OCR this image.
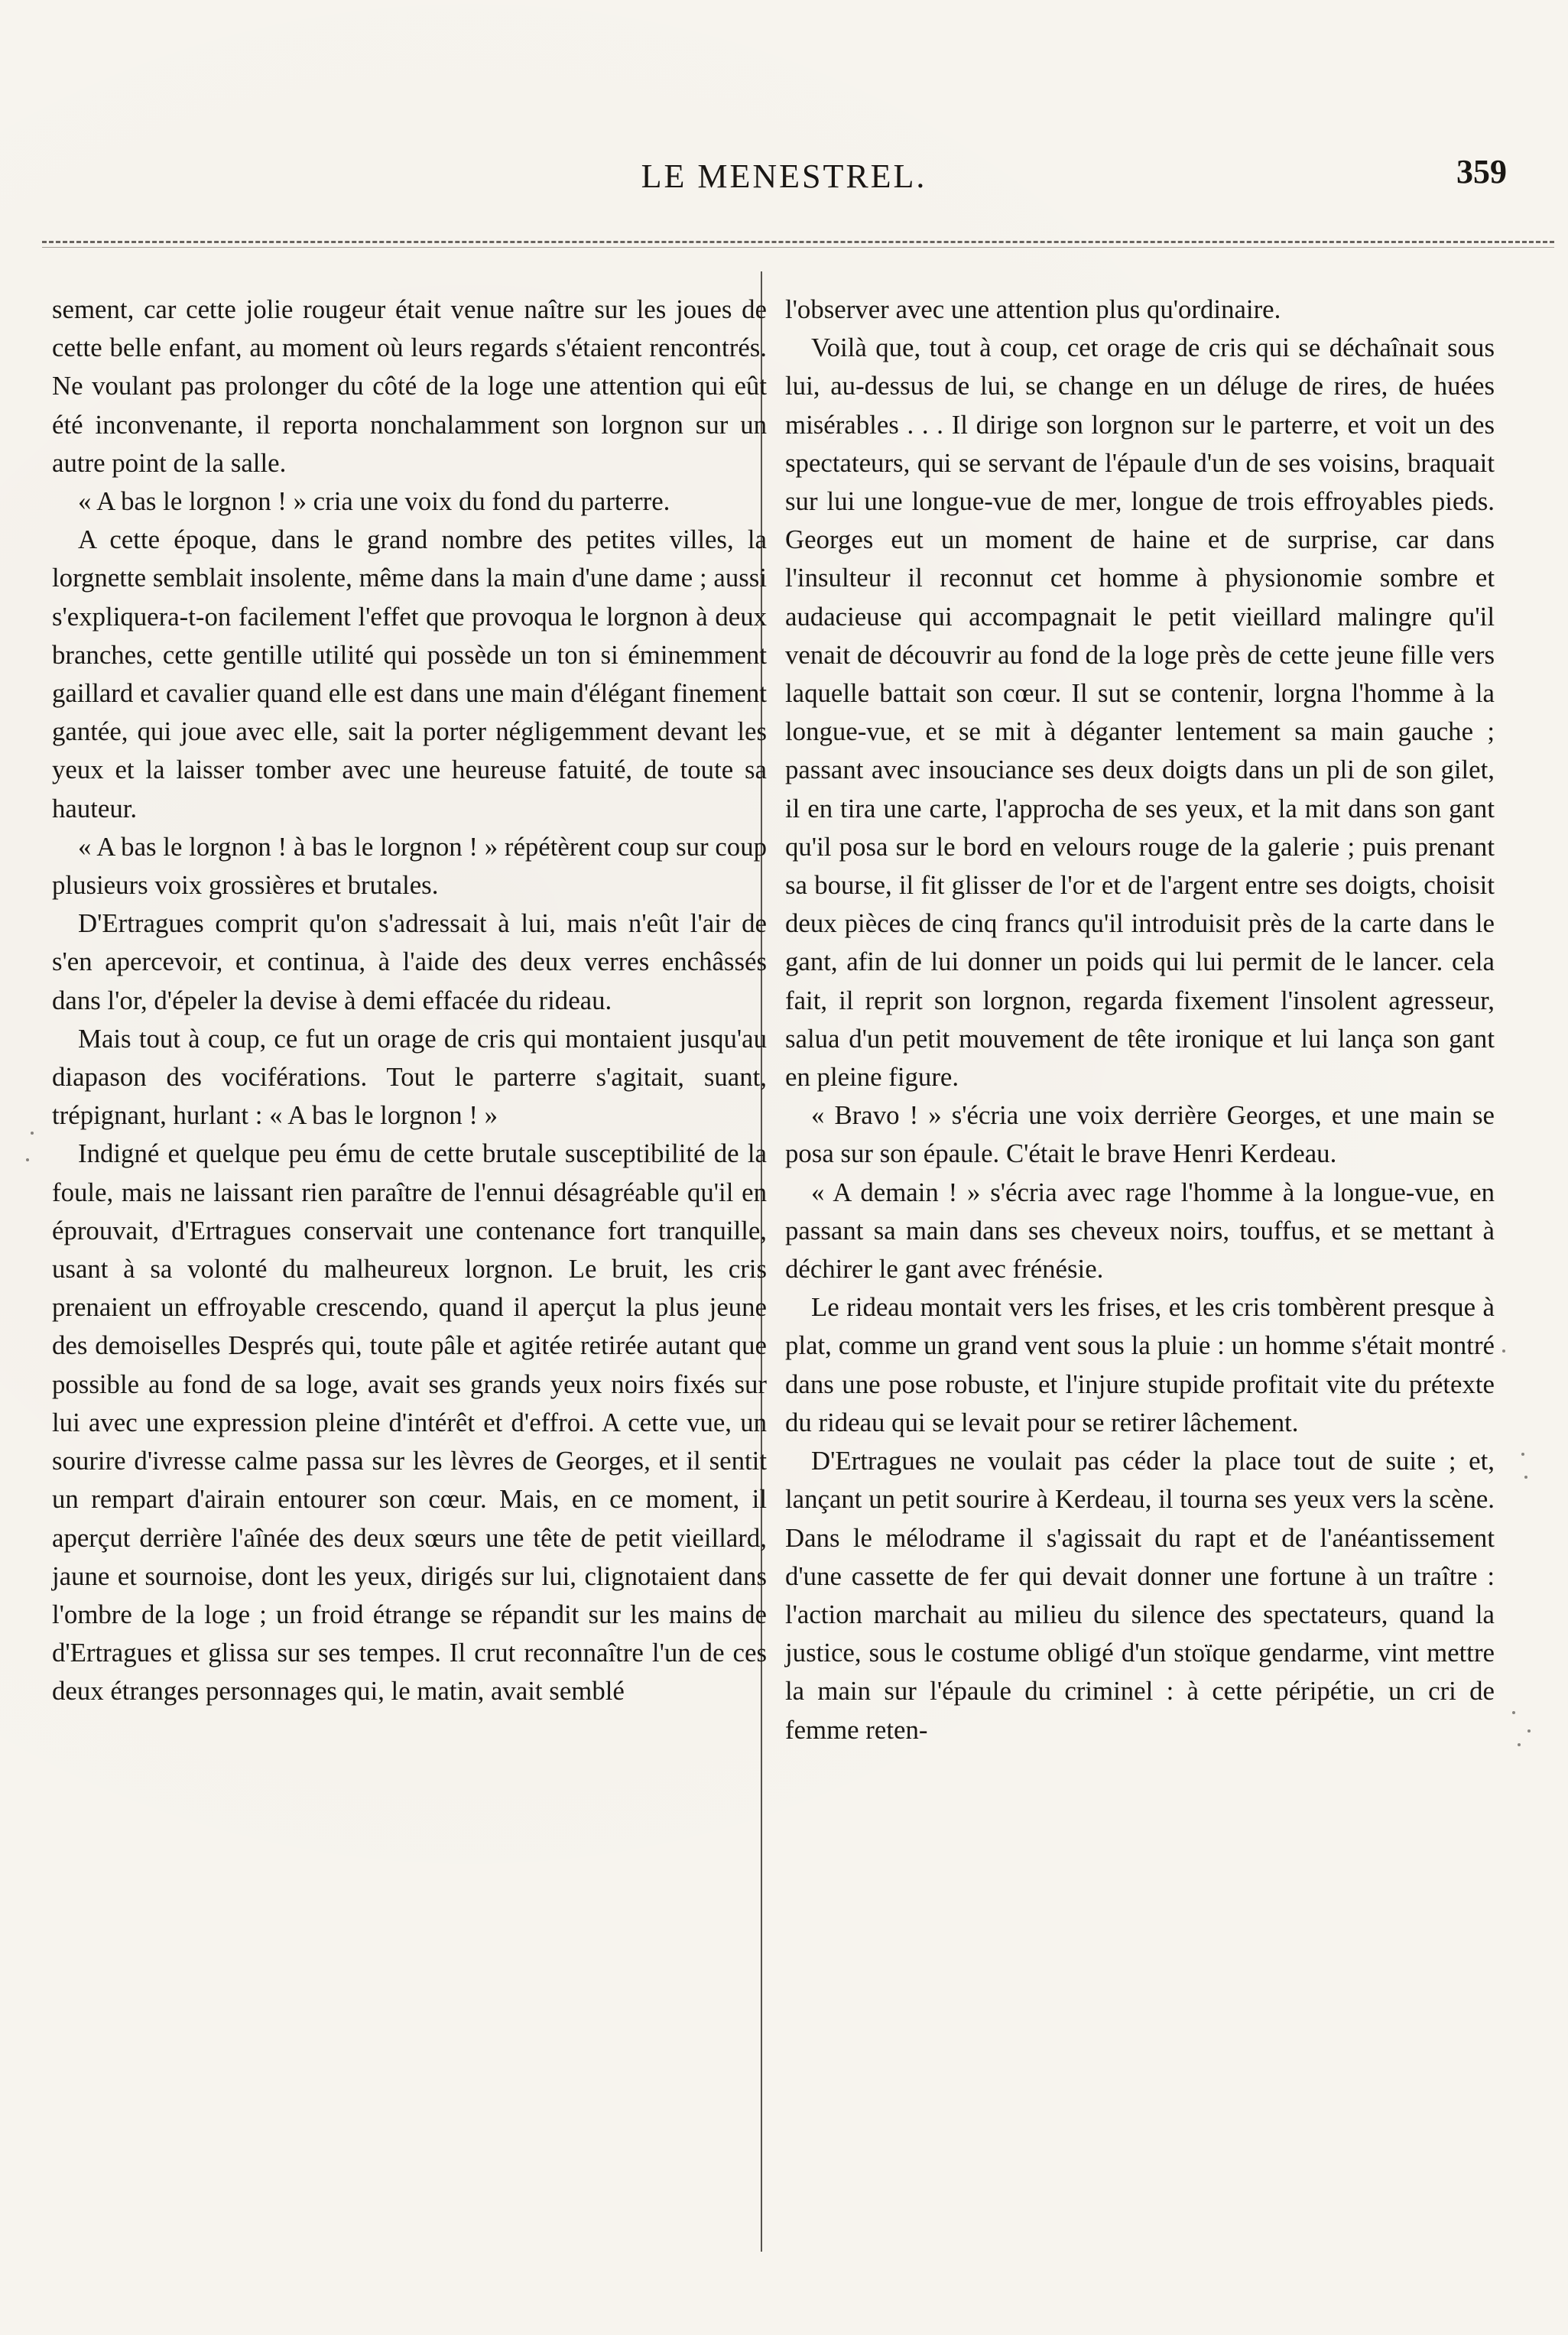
LE MENESTREL.	359

sement, car cette jolie rougeur était venue naître sur les joues de cette belle enfant, au moment où leurs regards s'étaient rencontrés. Ne voulant pas prolonger du côté de la loge une attention qui eût été inconvenante, il reporta nonchalamment son lorgnon sur un autre point de la salle.

« A bas le lorgnon ! » cria une voix du fond du parterre.

A cette époque, dans le grand nombre des petites villes, la lorgnette semblait insolente, même dans la main d'une dame ; aussi s'expliquera-t-on facilement l'effet que provoqua le lorgnon à deux branches, cette gentille utilité qui possède un ton si éminemment gaillard et cavalier quand elle est dans une main d'élégant finement gantée, qui joue avec elle, sait la porter négligemment devant les yeux et la laisser tomber avec une heureuse fatuité, de toute sa hauteur.

« A bas le lorgnon ! à bas le lorgnon ! » répétèrent coup sur coup plusieurs voix grossières et brutales.

D'Ertragues comprit qu'on s'adressait à lui, mais n'eût l'air de s'en apercevoir, et continua, à l'aide des deux verres enchâssés dans l'or, d'épeler la devise à demi effacée du rideau.

Mais tout à coup, ce fut un orage de cris qui montaient jusqu'au diapason des vociférations. Tout le parterre s'agitait, suant, trépignant, hurlant : « A bas le lorgnon ! »

Indigné et quelque peu ému de cette brutale susceptibilité de la foule, mais ne laissant rien paraître de l'ennui désagréable qu'il en éprouvait, d'Ertragues conservait une contenance fort tranquille, usant à sa volonté du malheureux lorgnon. Le bruit, les cris prenaient un effroyable crescendo, quand il aperçut la plus jeune des demoiselles Després qui, toute pâle et agitée retirée autant que possible au fond de sa loge, avait ses grands yeux noirs fixés sur lui avec une expression pleine d'intérêt et d'effroi. A cette vue, un sourire d'ivresse calme passa sur les lèvres de Georges, et il sentit un rempart d'airain entourer son cœur. Mais, en ce moment, il aperçut derrière l'aînée des deux sœurs une tête de petit vieillard, jaune et sournoise, dont les yeux, dirigés sur lui, clignotaient dans l'ombre de la loge ; un froid étrange se répandit sur les mains de d'Ertragues et glissa sur ses tempes. Il crut reconnaître l'un de ces deux étranges personnages qui, le matin, avait semblé

l'observer avec une attention plus qu'ordinaire.

Voilà que, tout à coup, cet orage de cris qui se déchaînait sous lui, au-dessus de lui, se change en un déluge de rires, de huées misérables . . . Il dirige son lorgnon sur le parterre, et voit un des spectateurs, qui se servant de l'épaule d'un de ses voisins, braquait sur lui une longue-vue de mer, longue de trois effroyables pieds. Georges eut un moment de haine et de surprise, car dans l'insulteur il reconnut cet homme à physionomie sombre et audacieuse qui accompagnait le petit vieillard malingre qu'il venait de découvrir au fond de la loge près de cette jeune fille vers laquelle battait son cœur. Il sut se contenir, lorgna l'homme à la longue-vue, et se mit à déganter lentement sa main gauche ; passant avec insouciance ses deux doigts dans un pli de son gilet, il en tira une carte, l'approcha de ses yeux, et la mit dans son gant qu'il posa sur le bord en velours rouge de la galerie ; puis prenant sa bourse, il fit glisser de l'or et de l'argent entre ses doigts, choisit deux pièces de cinq francs qu'il introduisit près de la carte dans le gant, afin de lui donner un poids qui lui permit de le lancer. cela fait, il reprit son lorgnon, regarda fixement l'insolent agresseur, salua d'un petit mouvement de tête ironique et lui lança son gant en pleine figure.

« Bravo ! » s'écria une voix derrière Georges, et une main se posa sur son épaule. C'était le brave Henri Kerdeau.

« A demain ! » s'écria avec rage l'homme à la longue-vue, en passant sa main dans ses cheveux noirs, touffus, et se mettant à déchirer le gant avec frénésie.

Le rideau montait vers les frises, et les cris tombèrent presque à plat, comme un grand vent sous la pluie : un homme s'était montré dans une pose robuste, et l'injure stupide profitait vite du prétexte du rideau qui se levait pour se retirer lâchement.

D'Ertragues ne voulait pas céder la place tout de suite ; et, lançant un petit sourire à Kerdeau, il tourna ses yeux vers la scène. Dans le mélodrame il s'agissait du rapt et de l'anéantissement d'une cassette de fer qui devait donner une fortune à un traître : l'action marchait au milieu du silence des spectateurs, quand la justice, sous le costume obligé d'un stoïque gendarme, vint mettre la main sur l'épaule du criminel : à cette péripétie, un cri de femme reten-
